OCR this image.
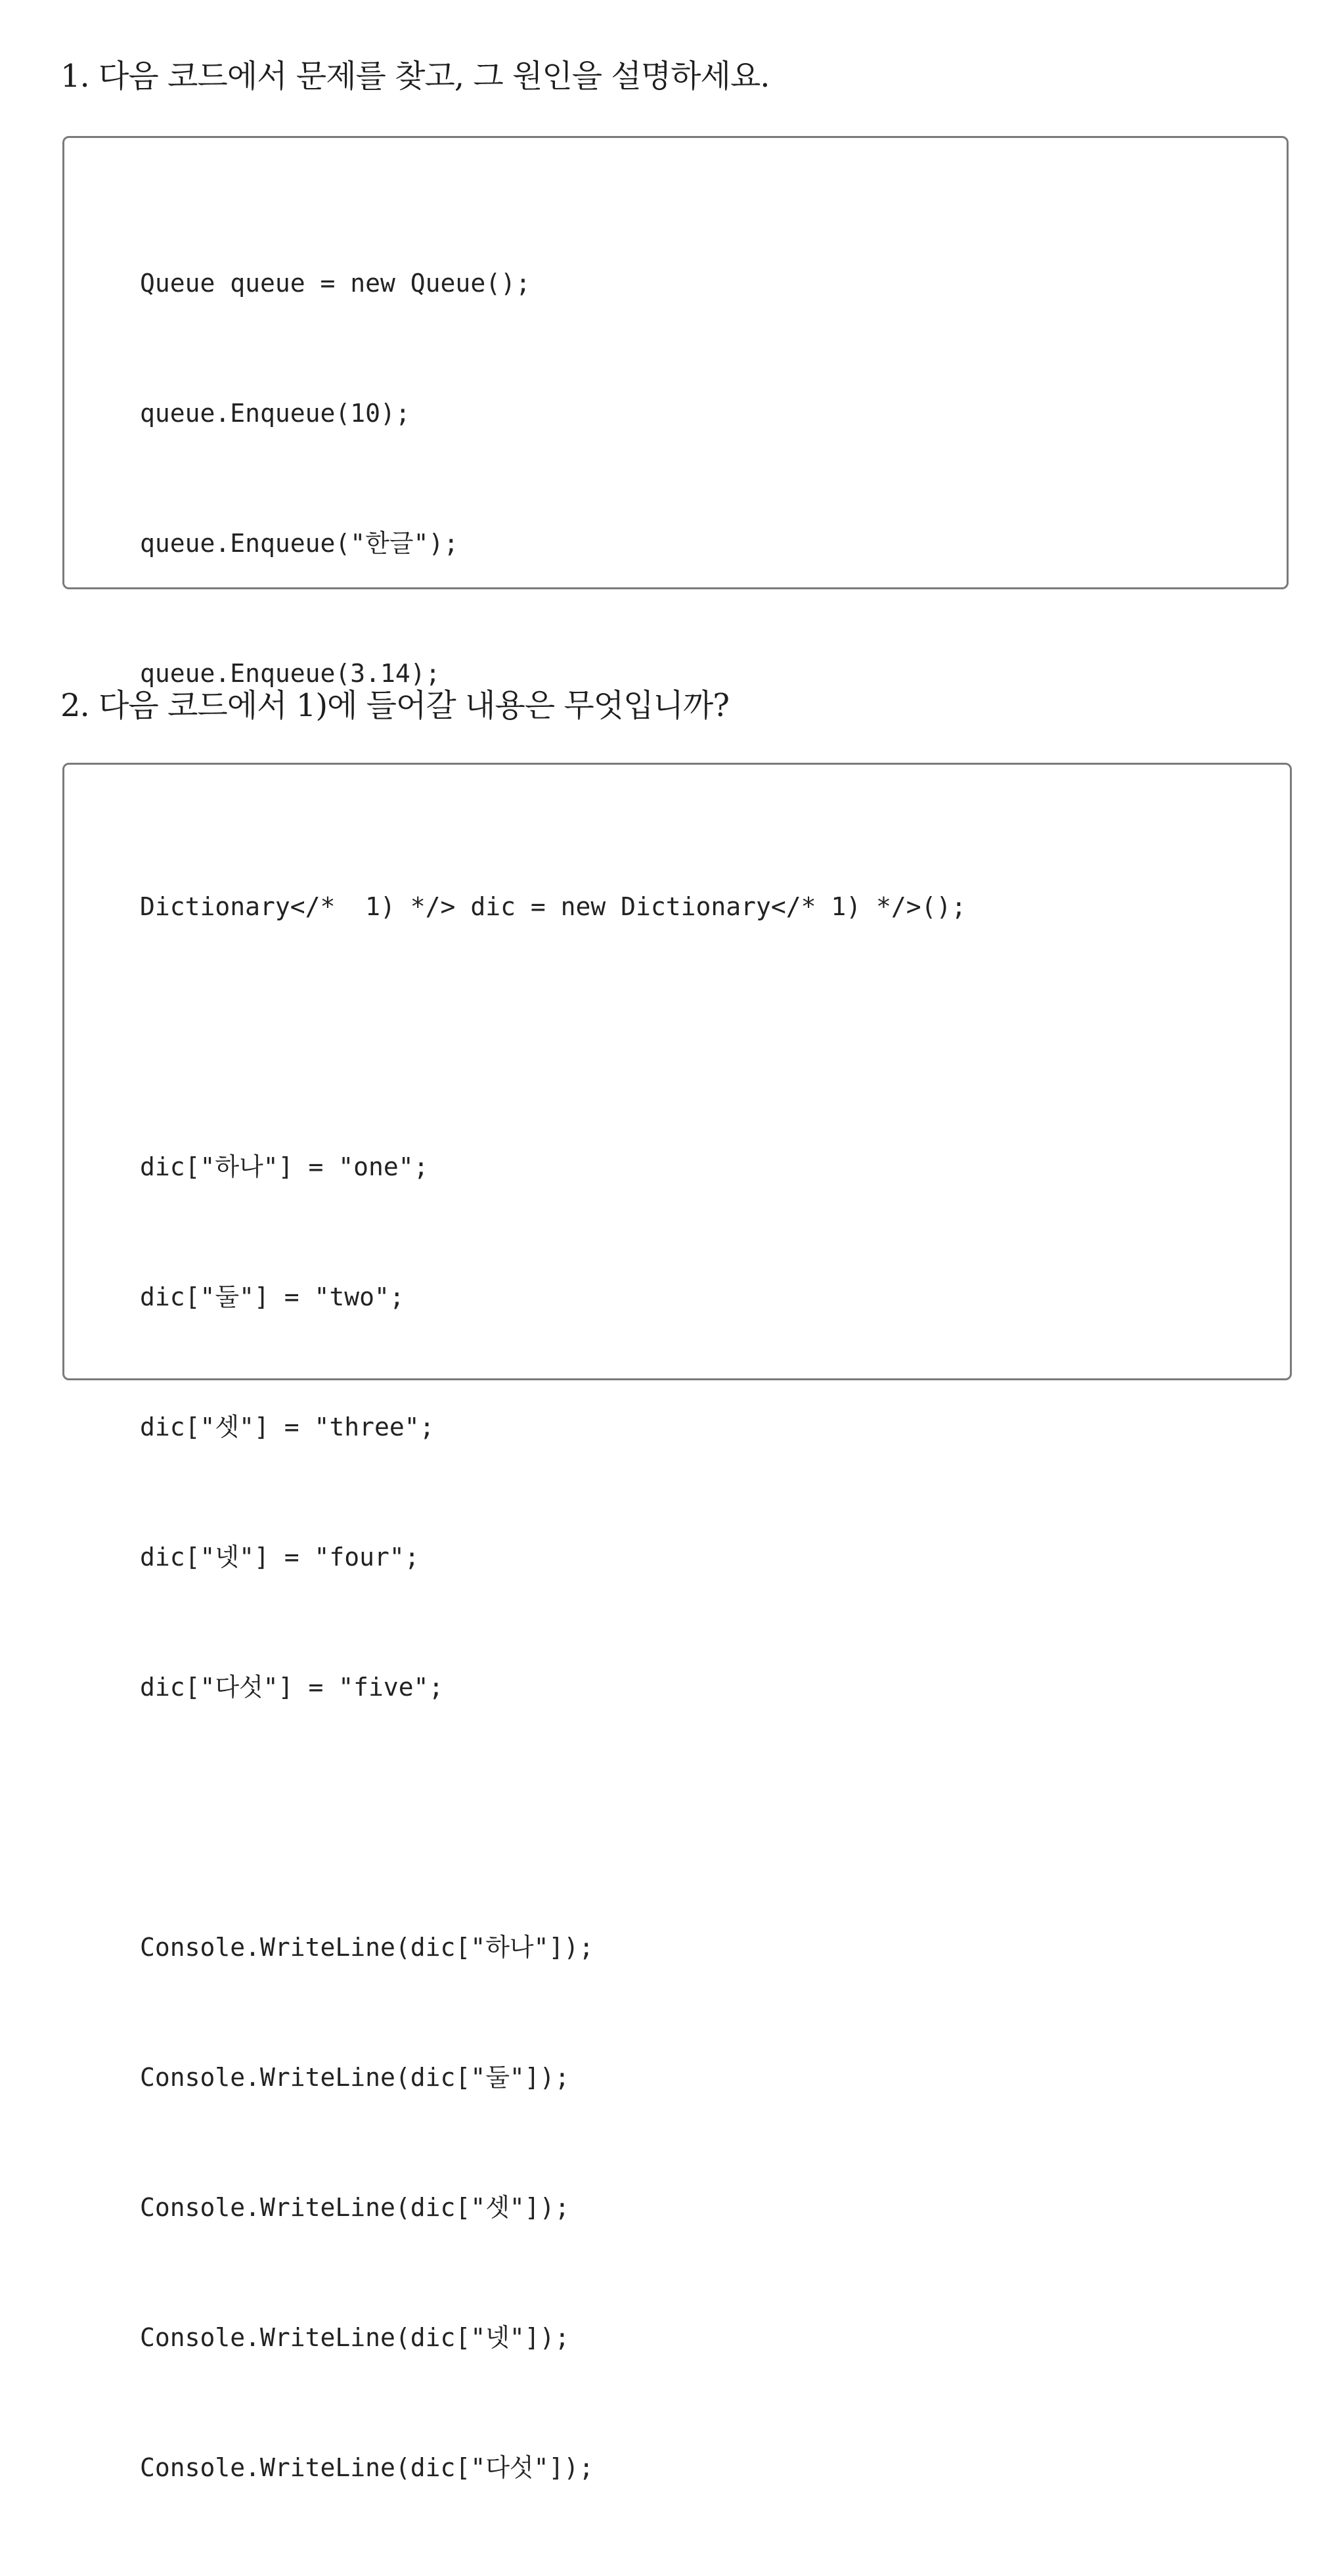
1. 다음 코드에서 문제를 찾고, 그 원인을 설명하세요.

Queue queue = new Queue();

queue.Enqueue(10);

queue.Enqueue("한글");

queue.Enqueue(3.14);

2. 다음 코드에서 1)에 들어갈 내용은 무엇입니까?

Dictionary</*  1) */> dic = new Dictionary</* 1) */>();

dic["하나"] = "one";

dic["둘"] = "two";

dic["셋"] = "three";

dic["넷"] = "four";

dic["다섯"] = "five";

Console.WriteLine(dic["하나"]);

Console.WriteLine(dic["둘"]);

Console.WriteLine(dic["셋"]);

Console.WriteLine(dic["넷"]);

Console.WriteLine(dic["다섯"]);
